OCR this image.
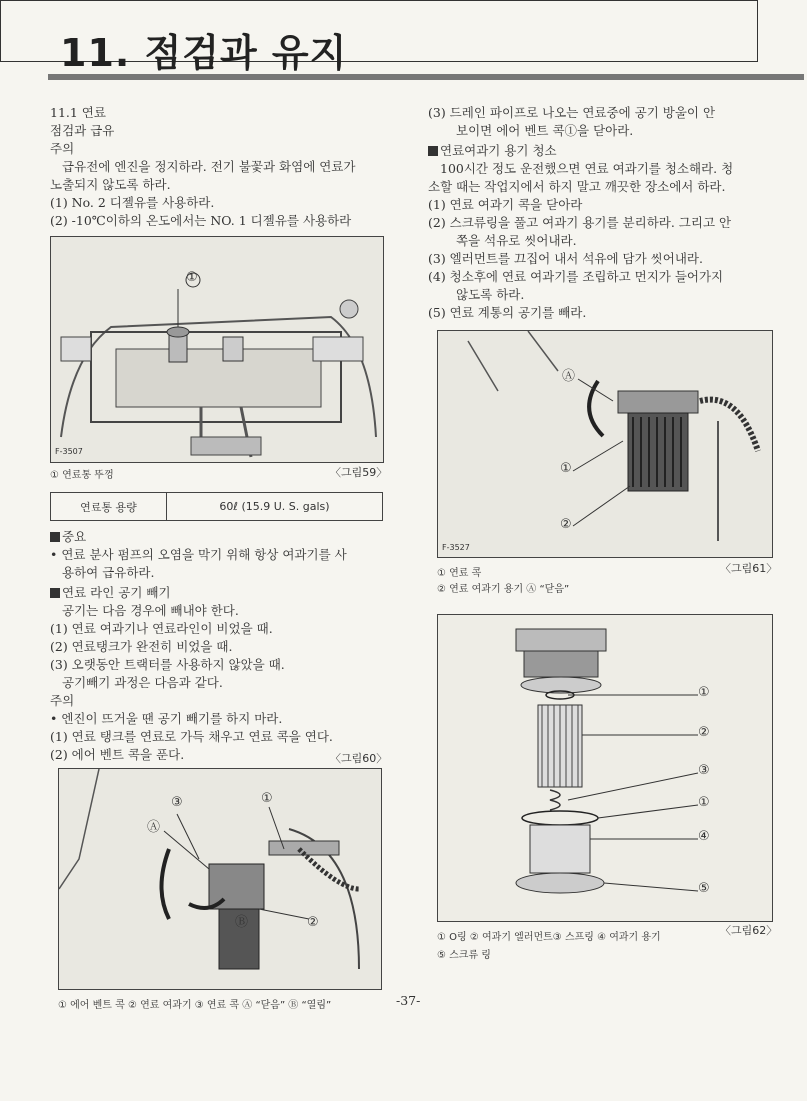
11. 점검과 유지
11.1 연료
점검과 급유
주의
급유전에 엔진을 정지하라. 전기 불꽃과 화염에 연료가
노출되지 않도록 하라.
(1) No. 2 디젤유를 사용하라.
(2) -10℃이하의 온도에서는 NO. 1 디젤유를 사용하라
F-3507
①
① 연료통 뚜껑	〈그림59〉
연료통 용량	60ℓ (15.9 U. S. gals)
중요
• 연료 분사 펌프의 오염을 막기 위해 항상 여과기를 사
용하여 급유하라.
연료 라인 공기 빼기
공기는 다음 경우에 빼내야 한다.
(1) 연료 여과기나 연료라인이 비었을 때.
(2) 연료탱크가 완전히 비었을 때.
(3) 오랫동안 트랙터를 사용하지 않았을 때.
공기빼기 과정은 다음과 같다.
주의
• 엔진이 뜨거울 땐 공기 빼기를 하지 마라.
(1) 연료 탱크를 연료로 가득 채우고 연료 콕을 연다.
(2) 에어 벤트 콕을 푼다.	〈그림60〉
③	①
Ⓐ
Ⓑ	②
① 에어 벤트 콕 ② 연료 여과기 ③ 연료 콕 Ⓐ “닫음” Ⓑ “열림”	-37-
(3) 드레인 파이프로 나오는 연료중에 공기 방울이 안
보이면 에어 벤트 콕①을 닫아라.
연료여과기 용기 청소
100시간 정도 운전했으면 연료 여과기를 청소해라. 청
소할 때는 작업지에서 하지 말고 깨끗한 장소에서 하라.
(1) 연료 여과기 콕을 닫아라
(2) 스크류링을 풀고 여과기 용기를 분리하라. 그리고 안
쪽을 석유로 씻어내라.
(3) 엘러먼트를 끄집어 내서 석유에 담가 씻어내라.
(4) 청소후에 연료 여과기를 조립하고 먼지가 들어가지
않도록 하라.
(5) 연료 계통의 공기를 빼라.
Ⓐ
①
②
F-3527
① 연료 콕	〈그림61〉
② 연료 여과기 용기 Ⓐ “닫음”
①
②
③
①
④
⑤
① O링 ② 여과기 엘러먼트③ 스프링 ④ 여과기 용기
〈그림62〉
⑤ 스크류 링
